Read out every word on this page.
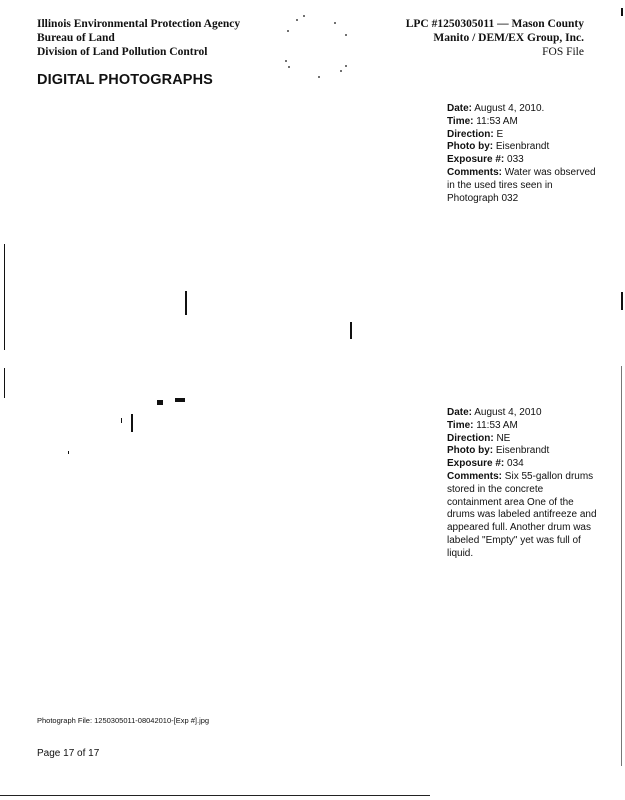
Illinois Environmental Protection Agency
Bureau of Land
Division of Land Pollution Control
LPC #1250305011 — Mason County
Manito / DEM/EX Group, Inc.
FOS File
DIGITAL PHOTOGRAPHS
Date: August 4, 2010.
Time: 11:53 AM
Direction: E
Photo by: Eisenbrandt
Exposure #: 033
Comments: Water was observed in the used tires seen in Photograph 032
Date: August 4, 2010
Time: 11:53 AM
Direction: NE
Photo by: Eisenbrandt
Exposure #: 034
Comments: Six 55-gallon drums stored in the concrete containment area One of the drums was labeled antifreeze and appeared full. Another drum was labeled "Empty" yet was full of liquid.
Photograph File: 1250305011-08042010-[Exp #].jpg
Page 17 of 17
